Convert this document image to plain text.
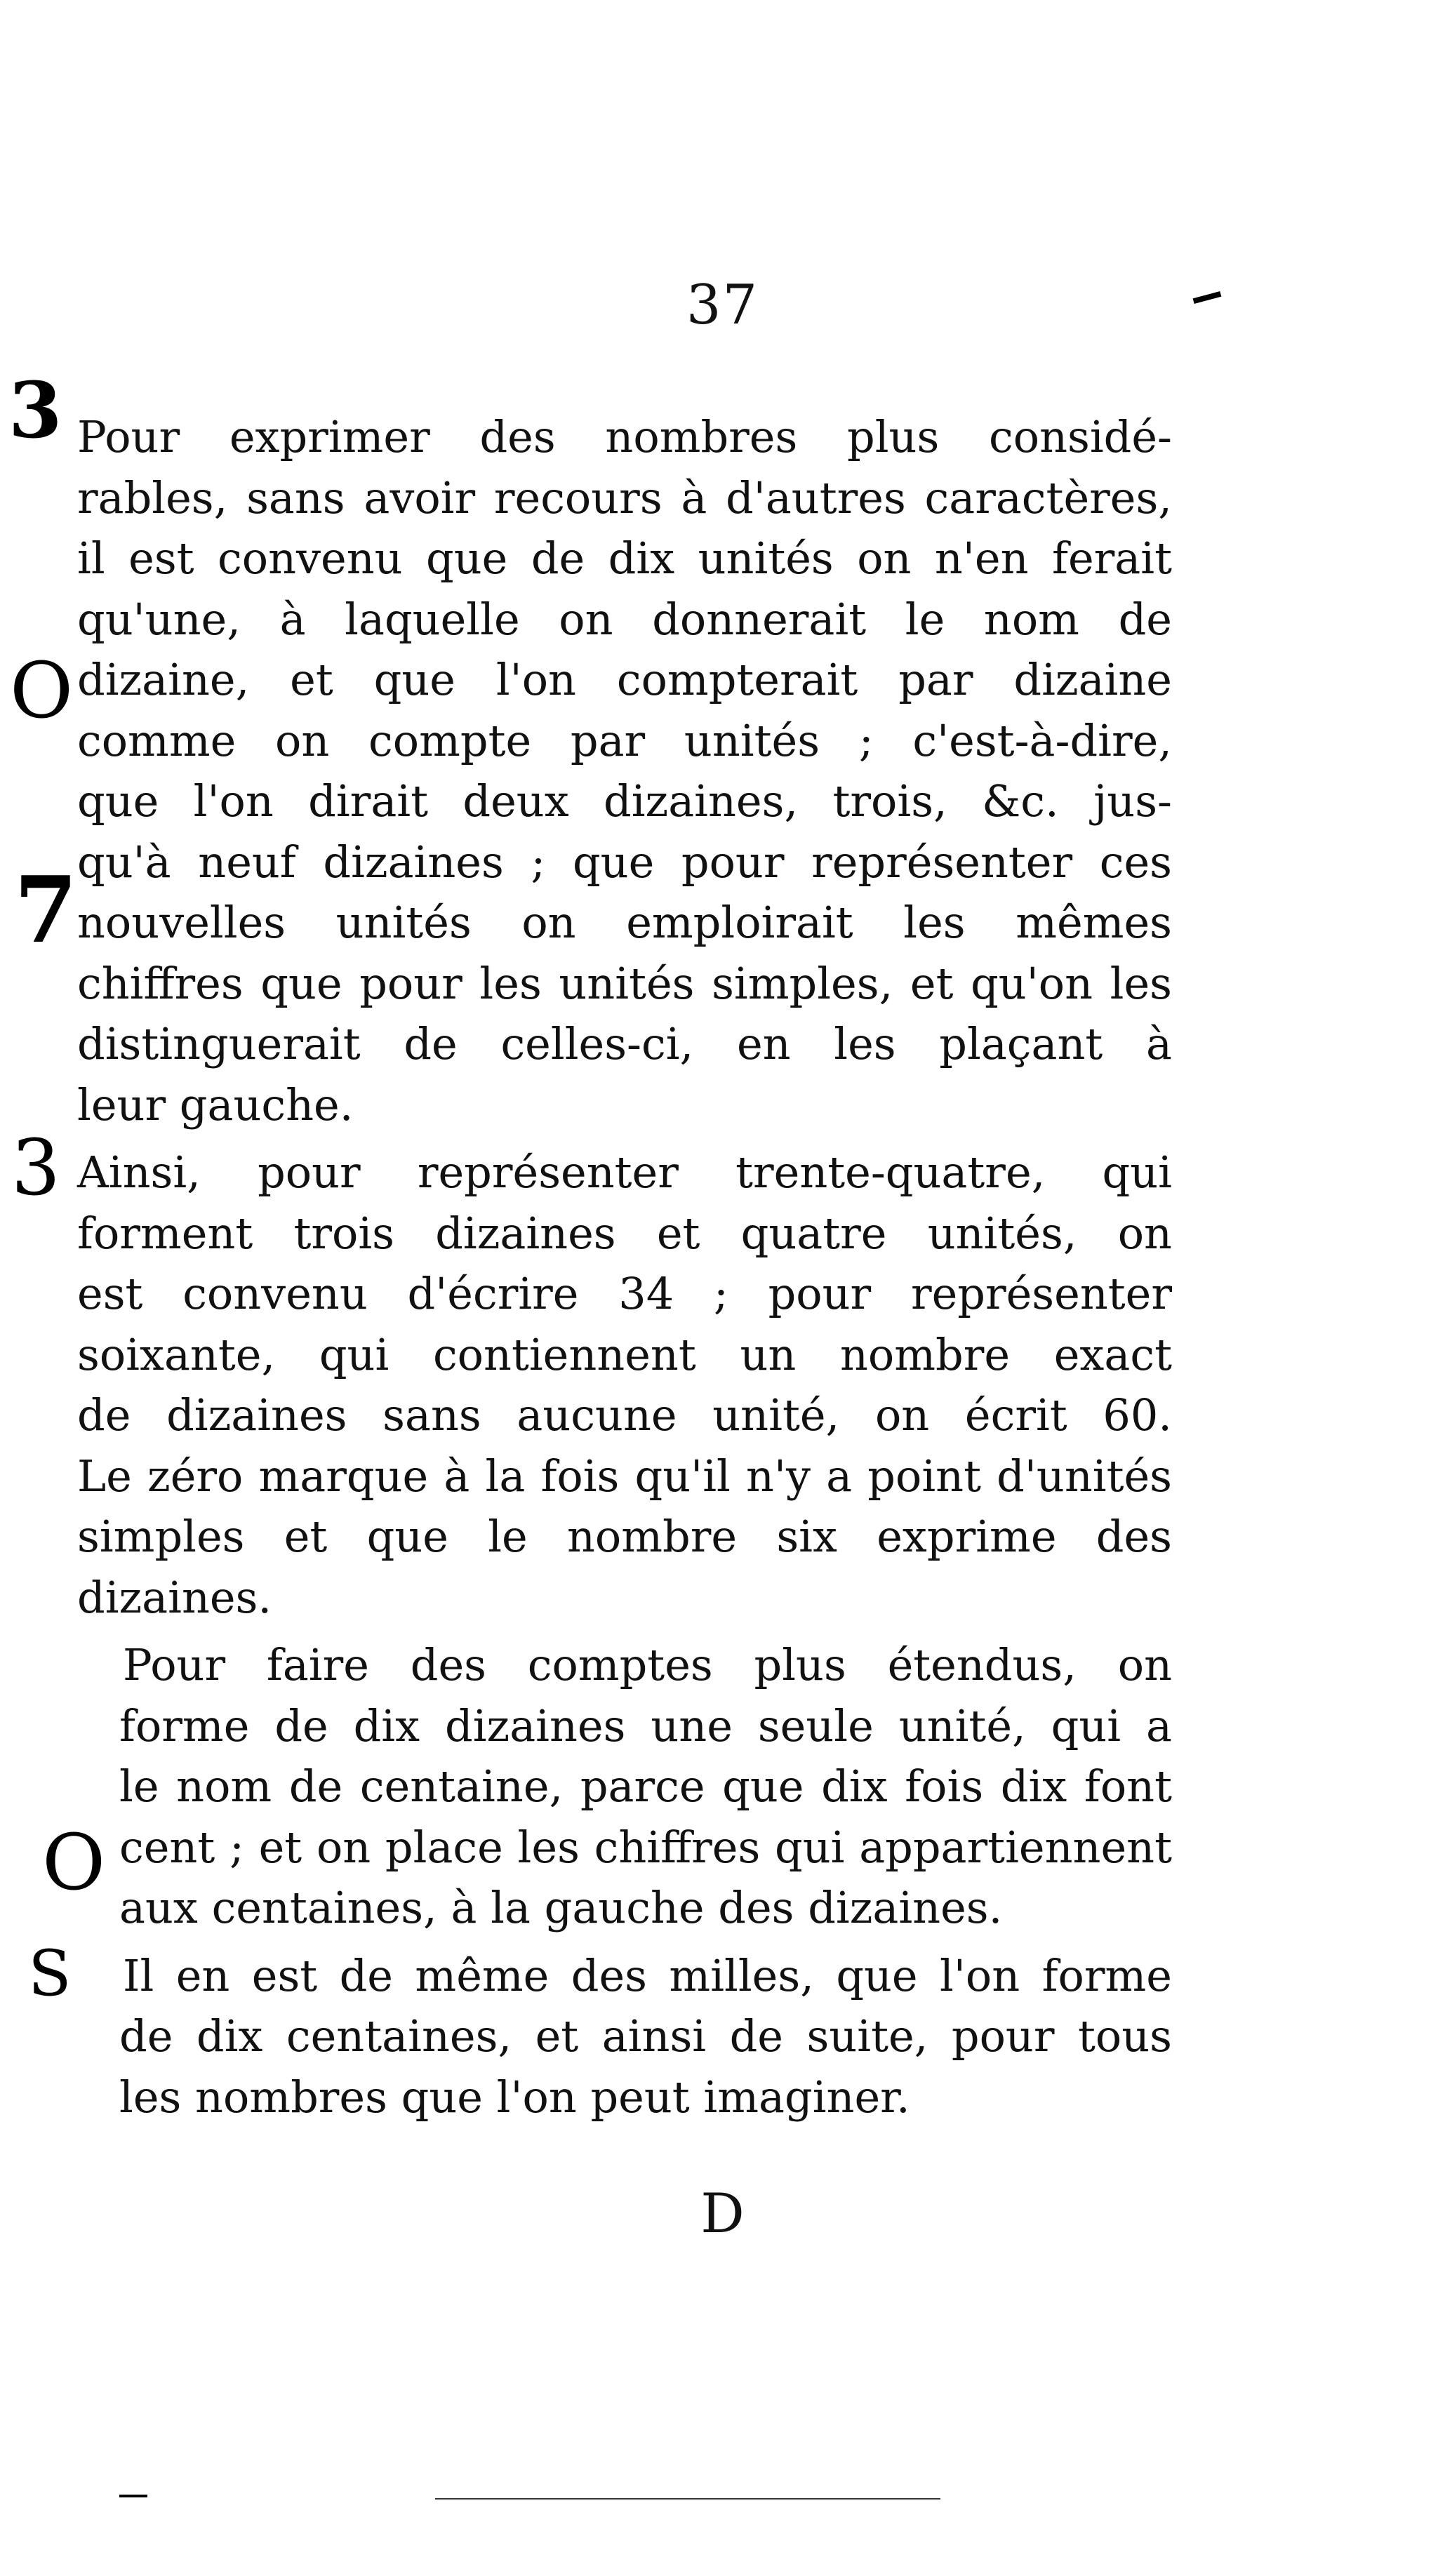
37
Pour exprimer des nombres plus considé-
rables, sans avoir recours à d'autres caractères,
il est convenu que de dix unités on n'en ferait
qu'une, à laquelle on donnerait le nom de
dizaine, et que l'on compterait par dizaine
comme on compte par unités ; c'est-à-dire,
que l'on dirait deux dizaines, trois, &c. jus-
qu'à neuf dizaines ; que pour représenter ces
nouvelles unités on emploirait les mêmes
chiffres que pour les unités simples, et qu'on les
distinguerait de celles-ci, en les plaçant à
leur gauche.
Ainsi, pour représenter trente-quatre, qui
forment trois dizaines et quatre unités, on
est convenu d'écrire 34 ; pour représenter
soixante, qui contiennent un nombre exact
de dizaines sans aucune unité, on écrit 60.
Le zéro marque à la fois qu'il n'y a point d'unités
simples et que le nombre six exprime des
dizaines.
Pour faire des comptes plus étendus, on
forme de dix dizaines une seule unité, qui a
le nom de centaine, parce que dix fois dix font
cent ; et on place les chiffres qui appartiennent
aux centaines, à la gauche des dizaines.
Il en est de même des milles, que l'on forme
de dix centaines, et ainsi de suite, pour tous
les nombres que l'on peut imaginer.
3
O
7
3
O
S
D
